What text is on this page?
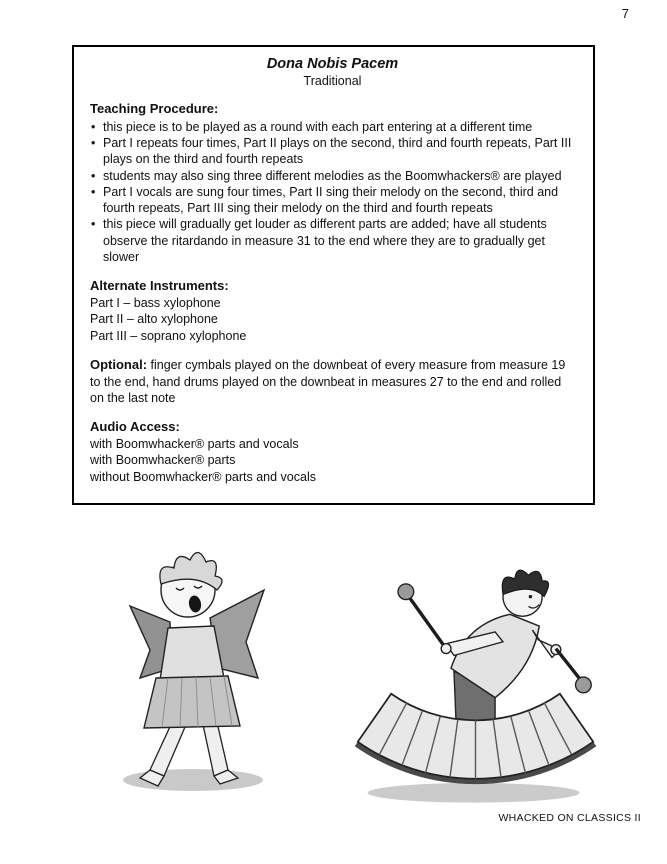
7
Dona Nobis Pacem
Traditional
Teaching Procedure:
• this piece is to be played as a round with each part entering at a different time
• Part I repeats four times, Part II plays on the second, third and fourth repeats, Part III plays on the third and fourth repeats
• students may also sing three different melodies as the Boomwhackers® are played
• Part I vocals are sung four times, Part II sing their melody on the second, third and fourth repeats, Part III sing their melody on the third and fourth repeats
• this piece will gradually get louder as different parts are added; have all students observe the ritardando in measure 31 to the end where they are to gradually get slower
Alternate Instruments:
Part I – bass xylophone
Part II – alto xylophone
Part III – soprano xylophone
Optional: finger cymbals played on the downbeat of every measure from measure 19 to the end, hand drums played on the downbeat in measures 27 to the end and rolled on the last note
Audio Access:
with Boomwhacker® parts and vocals
with Boomwhacker® parts
without Boomwhacker® parts and vocals
WHACKED ON CLASSICS II
